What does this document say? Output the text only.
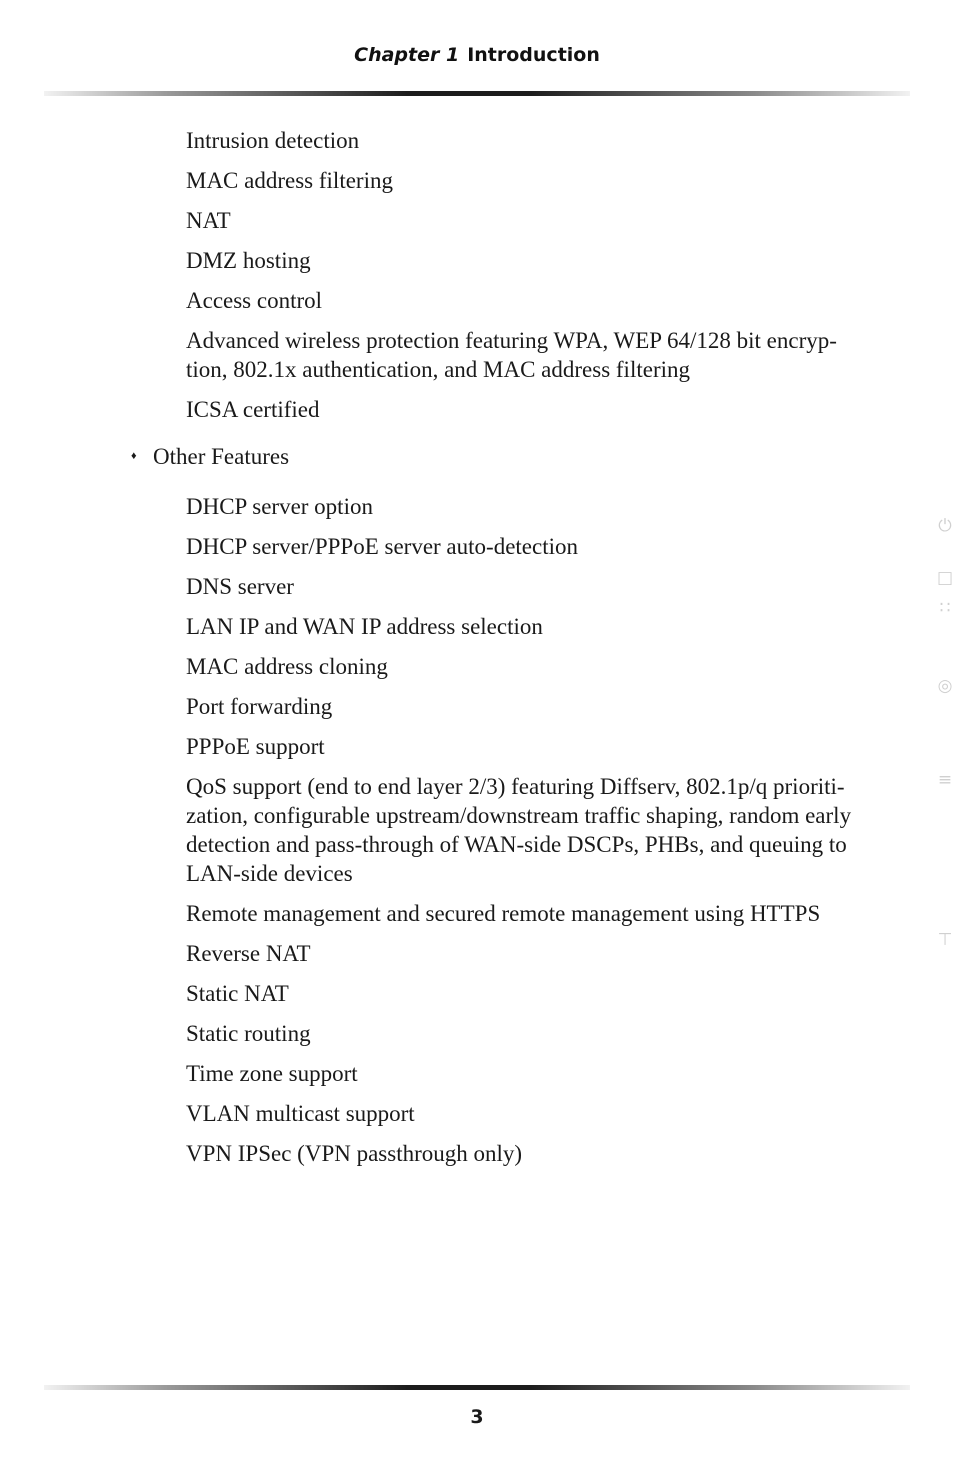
Chapter 1 Introduction
Intrusion detection
MAC address filtering
NAT
DMZ hosting
Access control
Advanced wireless protection featuring WPA, WEP 64/128 bit encryp-tion, 802.1x authentication, and MAC address filtering
ICSA certified
♦ Other Features
DHCP server option
DHCP server/PPPoE server auto-detection
DNS server
LAN IP and WAN IP address selection
MAC address cloning
Port forwarding
PPPoE support
QoS support (end to end layer 2/3) featuring Diffserv, 802.1p/q prioriti-zation, configurable upstream/downstream traffic shaping, random early detection and pass-through of WAN-side DSCPs, PHBs, and queuing to LAN-side devices
Remote management and secured remote management using HTTPS
Reverse NAT
Static NAT
Static routing
Time zone support
VLAN multicast support
VPN IPSec (VPN passthrough only)
⏻
□
∷
◎
≡
⊤
3
